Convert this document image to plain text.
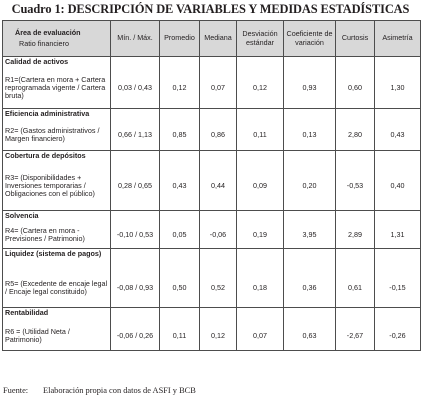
Cuadro 1: DESCRIPCIÓN DE VARIABLES Y MEDIDAS ESTADÍSTICAS
Área de evaluación
Ratio financiero	Mín. / Máx.	Promedio	Mediana	Desviación estándar	Coeficiente de variación	Curtosis	Asimetría
Calidad de activos							
R1=(Cartera en mora + Cartera reprogramada vigente / Cartera bruta)	0,03 / 0,43	0,12	0,07	0,12	0,93	0,60	1,30
Eficiencia administrativa							
R2= (Gastos administrativos / Margen financiero)	0,66 / 1,13	0,85	0,86	0,11	0,13	2,80	0,43
Cobertura de depósitos							
R3= (Disponibilidades + Inversiones temporarias / Obligaciones con el público)	0,28 / 0,65	0,43	0,44	0,09	0,20	-0,53	0,40
Solvencia							
R4= (Cartera en mora - Previsiones / Patrimonio)	-0,10 / 0,53	0,05	-0,06	0,19	3,95	2,89	1,31
Liquidez (sistema de pagos)							
R5= (Excedente de encaje legal / Encaje legal constituido)	-0,08 / 0,93	0,50	0,52	0,18	0,36	0,61	-0,15
Rentabilidad							
R6 = (Utilidad Neta / Patrimonio)	-0,06 / 0,26	0,11	0,12	0,07	0,63	-2,67	-0,26
Fuente: Elaboración propia con datos de ASFI y BCB
